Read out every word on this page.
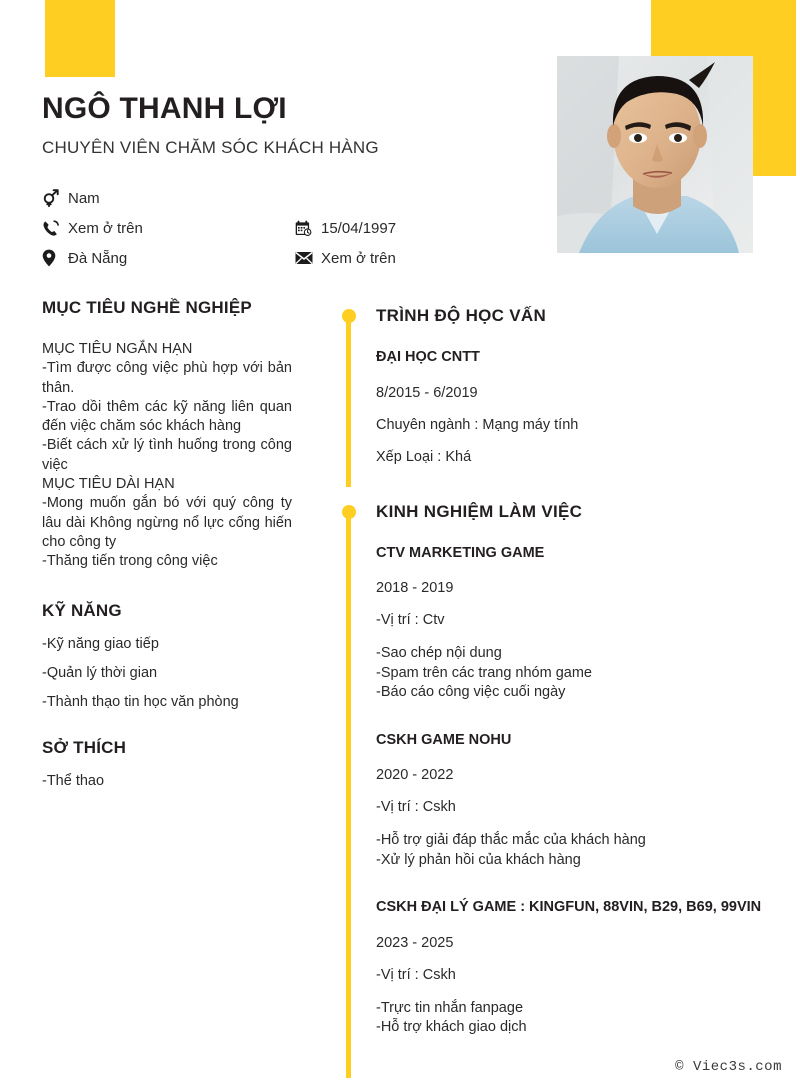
NGÔ THANH LỢI
CHUYÊN VIÊN CHĂM SÓC KHÁCH HÀNG
Nam
Xem ở trên
Đà Nẵng
15/04/1997
Xem ở trên
MỤC TIÊU NGHỀ NGHIỆP
MỤC TIÊU NGẮN HẠN
-Tìm được công việc phù hợp với bản thân.
-Trao dồi thêm các kỹ năng liên quan đến việc chăm sóc khách hàng
-Biết cách xử lý tình huống trong công việc
MỤC TIÊU DÀI HẠN
-Mong muốn gắn bó với quý công ty lâu dài Không ngừng nổ lực cống hiến cho công ty
-Thăng tiến trong công việc
KỸ NĂNG
-Kỹ năng giao tiếp
-Quản lý thời gian
-Thành thạo tin học văn phòng
SỞ THÍCH
-Thể thao
TRÌNH ĐỘ HỌC VẤN
ĐẠI HỌC CNTT
8/2015 - 6/2019
Chuyên ngành : Mạng máy tính
Xếp Loại : Khá
KINH NGHIỆM LÀM VIỆC
CTV MARKETING GAME
2018 - 2019
-Vị trí : Ctv
-Sao chép nội dung
-Spam trên các trang nhóm game
-Báo cáo công việc cuối ngày
CSKH GAME NOHU
2020 - 2022
-Vị trí : Cskh
-Hỗ trợ giải đáp thắc mắc của khách hàng
-Xử lý phản hồi của khách hàng
CSKH ĐẠI LÝ GAME : KINGFUN, 88VIN, B29, B69, 99VIN
2023 - 2025
-Vị trí : Cskh
-Trực tin nhắn fanpage
-Hỗ trợ khách giao dịch
© Viec3s.com
